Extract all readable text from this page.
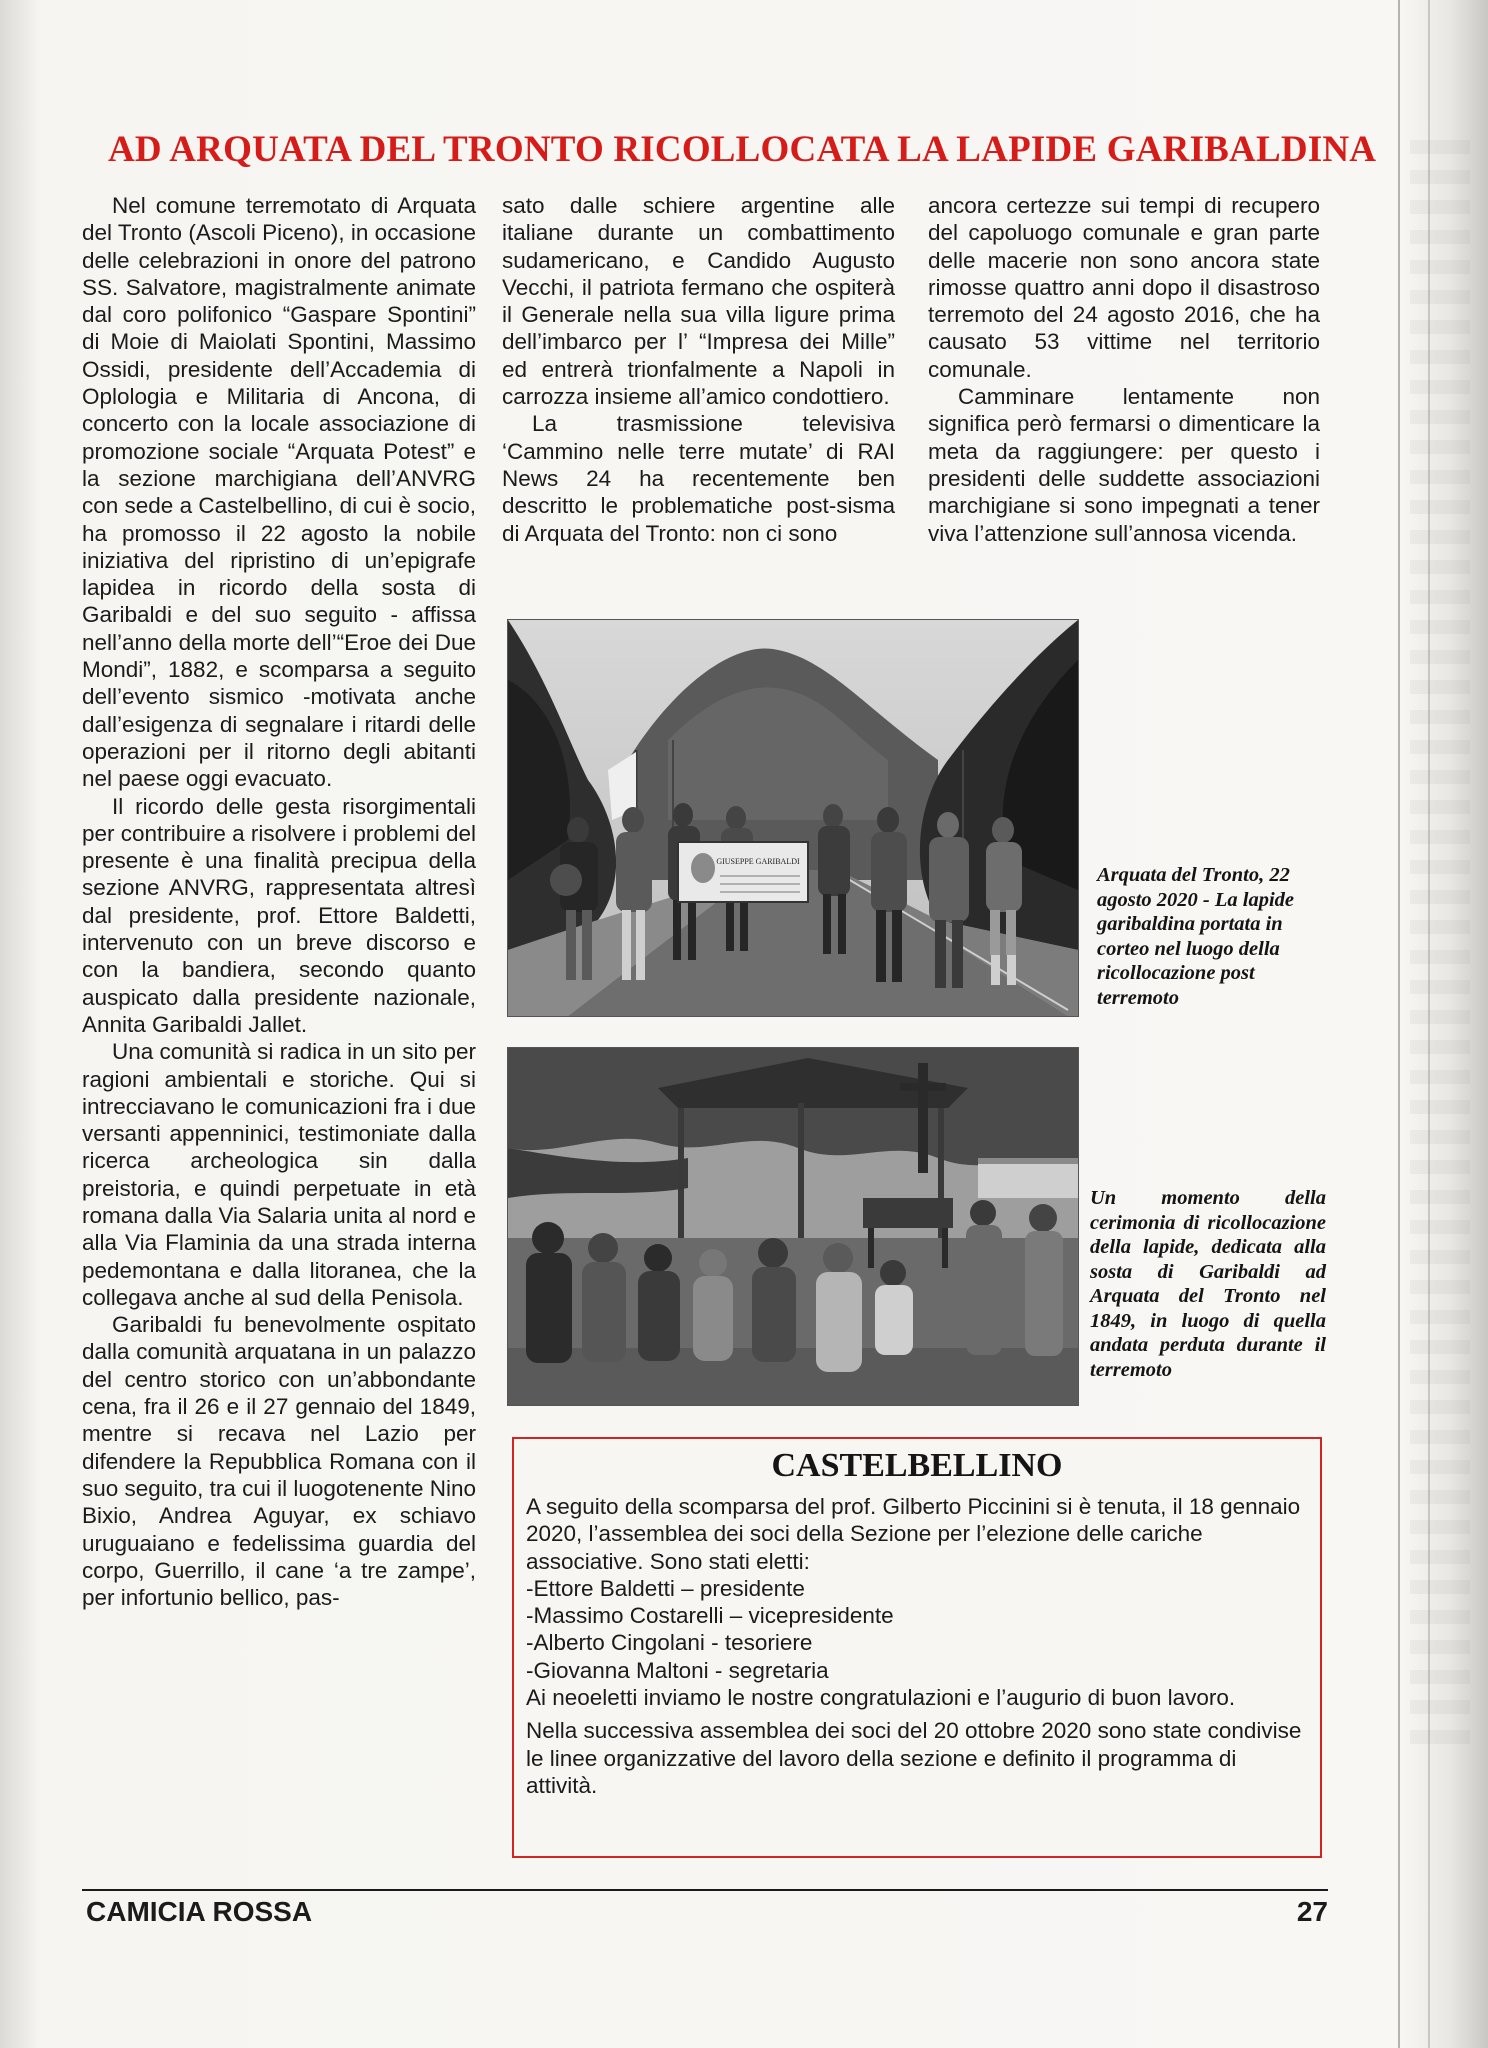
AD ARQUATA DEL TRONTO RICOLLOCATA LA LAPIDE GARIBALDINA

Nel comune terremotato di Arquata del Tronto (Ascoli Piceno), in occasione delle celebrazioni in onore del patrono SS. Salvatore, magistralmente animate dal coro polifonico “Gaspare Spontini” di Moie di Maiolati Spontini, Massimo Ossidi, presidente dell’Accademia di Oplologia e Militaria di Ancona, di concerto con la locale associazione di promozione sociale “Arquata Potest” e la sezione marchigiana dell’ANVRG con sede a Castelbellino, di cui è socio, ha promosso il 22 agosto la nobile iniziativa del ripristino di un’epigrafe lapidea in ricordo della sosta di Garibaldi e del suo seguito - affissa nell’anno della morte dell’“Eroe dei Due Mondi”, 1882, e scomparsa a seguito dell’evento sismico -motivata anche dall’esigenza di segnalare i ritardi delle operazioni per il ritorno degli abitanti nel paese oggi evacuato.

Il ricordo delle gesta risorgimentali per contribuire a risolvere i problemi del presente è una finalità precipua della sezione ANVRG, rappresentata altresì dal presidente, prof. Ettore Baldetti, intervenuto con un breve discorso e con la bandiera, secondo quanto auspicato dalla presidente nazionale, Annita Garibaldi Jallet.

Una comunità si radica in un sito per ragioni ambientali e storiche. Qui si intrecciavano le comunicazioni fra i due versanti appenninici, testimoniate dalla ricerca archeologica sin dalla preistoria, e quindi perpetuate in età romana dalla Via Salaria unita al nord e alla Via Flaminia da una strada interna pedemontana e dalla litoranea, che la collegava anche al sud della Penisola.

Garibaldi fu benevolmente ospitato dalla comunità arquatana in un palazzo del centro storico con un’abbondante cena, fra il 26 e il 27 gennaio del 1849, mentre si recava nel Lazio per difendere la Repubblica Romana con il suo seguito, tra cui il luogotenente Nino Bixio, Andrea Aguyar, ex schiavo uruguaiano e fedelissima guardia del corpo, Guerrillo, il cane ‘a tre zampe’, per infortunio bellico, pas-

sato dalle schiere argentine alle italiane durante un combattimento sudamericano, e Candido Augusto Vecchi, il patriota fermano che ospiterà il Generale nella sua villa ligure prima dell’imbarco per l’ “Impresa dei Mille” ed entrerà trionfalmente a Napoli in carrozza insieme all’amico condottiero.

La trasmissione televisiva ‘Cammino nelle terre mutate’ di RAI News 24 ha recentemente ben descritto le problematiche post-sisma di Arquata del Tronto: non ci sono

ancora certezze sui tempi di recupero del capoluogo comunale e gran parte delle macerie non sono ancora state rimosse quattro anni dopo il disastroso terremoto del 24 agosto 2016, che ha causato 53 vittime nel territorio comunale.

Camminare lentamente non significa però fermarsi o dimenticare la meta da raggiungere: per questo i presidenti delle suddette associazioni marchigiane si sono impegnati a tener viva l’attenzione sull’annosa vicenda.

GIUSEPPE GARIBALDI
Arquata del Tronto, 22 agosto 2020 - La lapide garibaldina portata in corteo nel luogo della ricollocazione post terremoto
Un momento della cerimonia di ricollocazione della lapide, dedicata alla sosta di Garibaldi ad Arquata del Tronto nel 1849, in luogo di quella andata perduta durante il terremoto
CASTELBELLINO

A seguito della scomparsa del prof. Gilberto Piccinini si è tenuta, il 18 gennaio 2020, l’assemblea dei soci della Sezione per l’elezione delle cariche associative. Sono stati eletti:

-Ettore Baldetti – presidente

-Massimo Costarelli – vicepresidente

-Alberto Cingolani - tesoriere

-Giovanna Maltoni - segretaria

Ai neoeletti inviamo le nostre congratulazioni e l’augurio di buon lavoro.

Nella successiva assemblea dei soci del 20 ottobre 2020 sono state condivise le linee organizzative del lavoro della sezione e definito il programma di attività.

CAMICIA ROSSA	27
